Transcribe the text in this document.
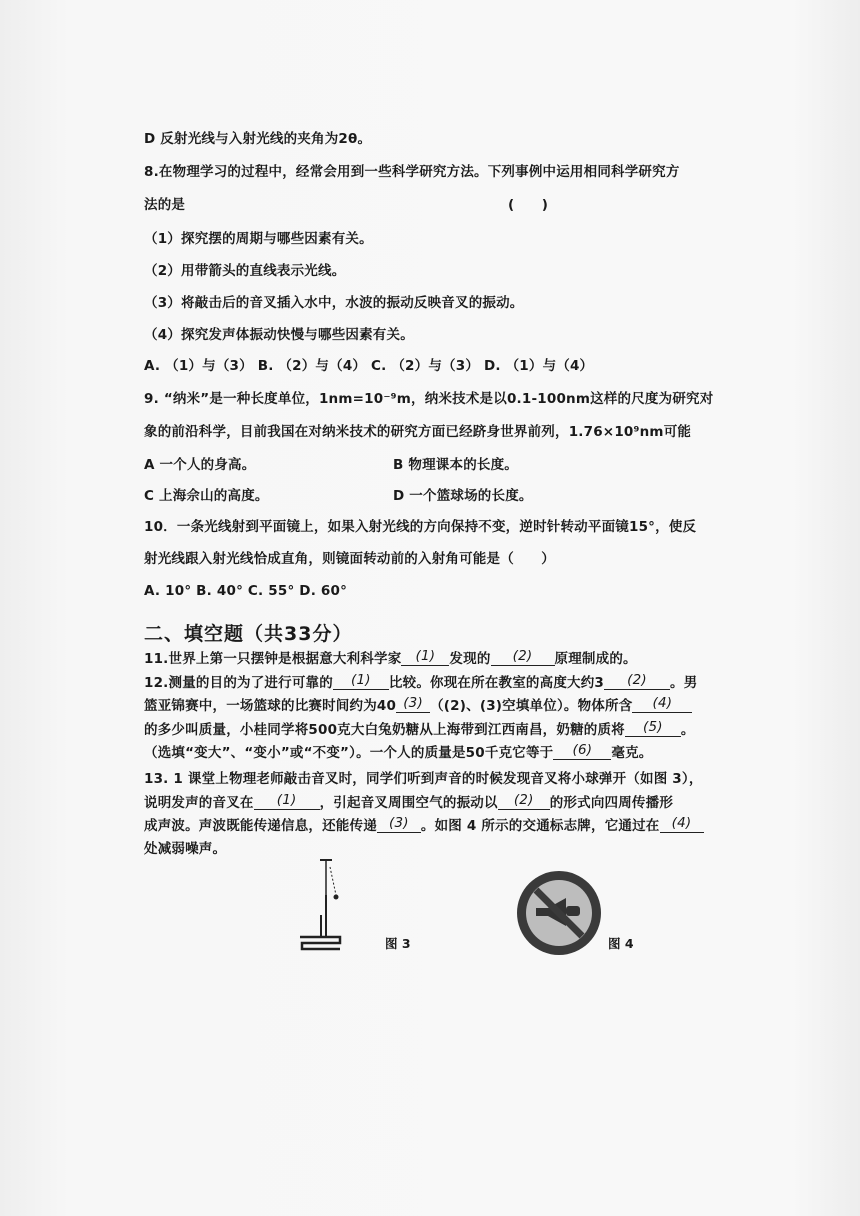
D 反射光线与入射光线的夹角为2θ。
8.在物理学习的过程中，经常会用到一些科学研究方法。下列事例中运用相同科学研究方
法的是	(　　)
（1）探究摆的周期与哪些因素有关。
（2）用带箭头的直线表示光线。
（3）将敲击后的音叉插入水中，水波的振动反映音叉的振动。
（4）探究发声体振动快慢与哪些因素有关。
A. （1）与（3） B. （2）与（4） C. （2）与（3） D. （1）与（4）
9. “纳米”是一种长度单位，1nm=10⁻⁹m，纳米技术是以0.1-100nm这样的尺度为研究对
象的前沿科学，目前我国在对纳米技术的研究方面已经跻身世界前列，1.76×10⁹nm可能
A 一个人的身高。	B 物理课本的长度。
C 上海佘山的高度。	D 一个篮球场的长度。
10．一条光线射到平面镜上，如果入射光线的方向保持不变，逆时针转动平面镜15°，使反
射光线跟入射光线恰成直角，则镜面转动前的入射角可能是（　　）
A. 10° B. 40° C. 55° D. 60°
二、填空题（共33分）
11.世界上第一只摆钟是根据意大利科学家 (1) 发现的 (2) 原理制成的。
12.测量的目的为了进行可靠的 (1) 比较。你现在所在教室的高度大约3 (2) 。男
篮亚锦赛中，一场篮球的比赛时间约为40 (3) （(2)、(3)空填单位）。物体所含 (4)
的多少叫质量，小桂同学将500克大白兔奶糖从上海带到江西南昌，奶糖的质将 (5) 。
（选填“变大”、“变小”或“不变”）。一个人的质量是50千克它等于 (6) 毫克。
13. 1 课堂上物理老师敲击音叉时，同学们听到声音的时候发现音叉将小球弹开（如图 3），
说明发声的音叉在 (1) ，引起音叉周围空气的振动以 (2) 的形式向四周传播形
成声波。声波既能传递信息，还能传递 (3) 。如图 4 所示的交通标志牌，它通过在 (4)
处减弱噪声。
图 3	图 4
